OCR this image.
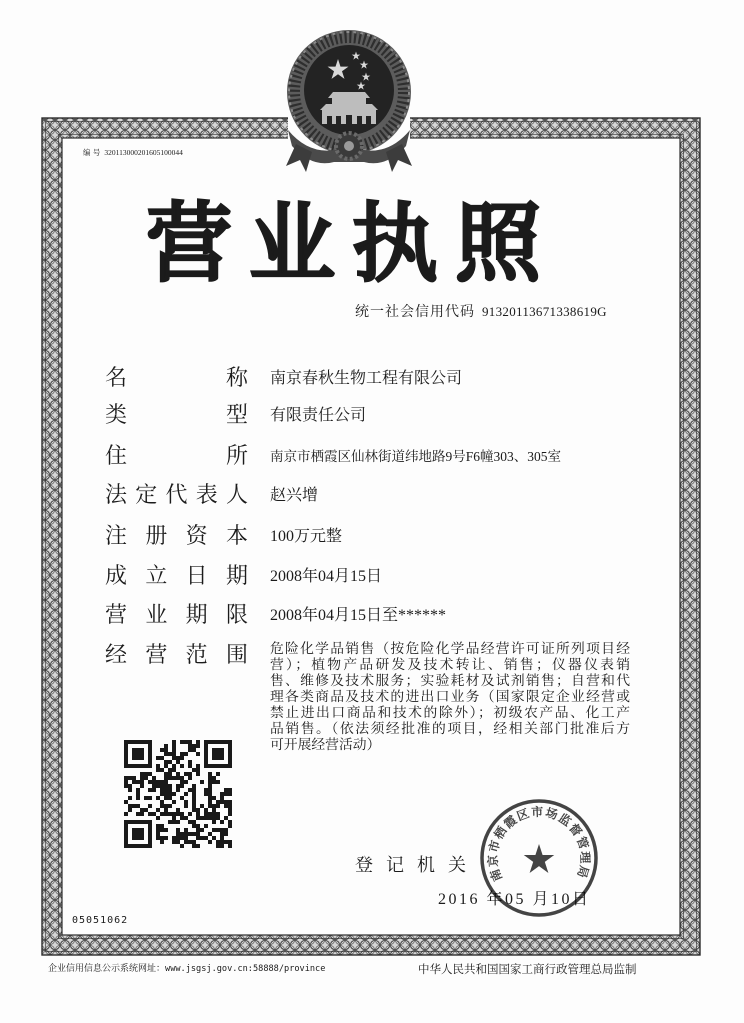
编 号 320113000201605100044
营业执照
统一社会信用代码 91320113671338619G
名	称 南京春秋生物工程有限公司
类	型 有限责任公司
住	所 南京市栖霞区仙林街道纬地路9号F6幢303、305室
法 定 代 表 人 赵兴增
注 册 资 本 100万元整
成 立 日 期 2008年04月15日
营 业 期 限 2008年04月15日至******
经 营 范 围 危险化学品销售（按危险化学品经营许可证所列项目经
营）；植物产品研发及技术转让、销售；仪器仪表销
售、维修及技术服务；实验耗材及试剂销售；自营和代
理各类商品及技术的进出口业务（国家限定企业经营或
禁止进出口商品和技术的除外）；初级农产品、化工产
品销售。（依法须经批准的项目，经相关部门批准后方
可开展经营活动）
登记机关
2016 年05 月10日
南京市栖霞区市场监督管理局
05051062
企业信用信息公示系统网址：www.jsgsj.gov.cn:58888/province	中华人民共和国国家工商行政管理总局监制
